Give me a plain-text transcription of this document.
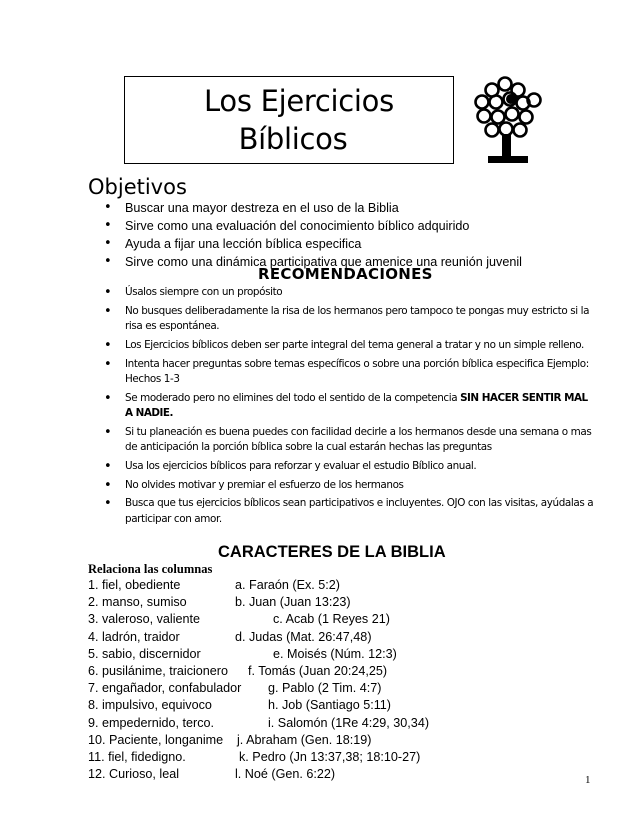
Los Ejercicios
Bíblicos
Objetivos
• Buscar una mayor destreza en el uso de la Biblia
• Sirve como una evaluación del conocimiento bíblico adquirido
• Ayuda a fijar una lección bíblica especifica
• Sirve como una dinámica participativa que amenice una reunión juvenil
RECOMENDACIONES
• Úsalos siempre con un propósito
• No busques deliberadamente la risa de los hermanos pero tampoco te pongas muy estricto si la risa es espontánea.
• Los Ejercicios bíblicos deben ser parte integral del tema general a tratar y no un simple relleno.
• Intenta hacer preguntas sobre temas específicos o sobre una porción bíblica especifica Ejemplo: Hechos 1-3
• Se moderado pero no elimines del todo el sentido de la competencia SIN HACER SENTIR MAL A NADIE.
• Si tu planeación es buena puedes con facilidad decirle a los hermanos desde una semana o mas de anticipación la porción bíblica sobre la cual estarán hechas las preguntas
• Usa los ejercicios bíblicos para reforzar y evaluar el estudio Bíblico anual.
• No olvides motivar y premiar el esfuerzo de los hermanos
• Busca que tus ejercicios bíblicos sean participativos e incluyentes. OJO con las visitas, ayúdalas a participar con amor.
CARACTERES DE LA BIBLIA
Relaciona las columnas
1. fiel, obediente	a. Faraón (Ex. 5:2)
2. manso, sumiso	b. Juan (Juan 13:23)
3. valeroso, valiente	c. Acab (1 Reyes 21)
4. ladrón, traidor	d. Judas (Mat. 26:47,48)
5. sabio, discernidor	e. Moisés (Núm. 12:3)
6. pusilánime, traicionero f. Tomás (Juan 20:24,25)
7. engañador, confabulador g. Pablo (2 Tim. 4:7)
8. impulsivo, equivoco	h. Job (Santiago 5:11)
9. empedernido, terco.	i. Salomón (1Re 4:29, 30,34)
10. Paciente, longanime j. Abraham (Gen. 18:19)
11. fiel, fidedigno.	k. Pedro (Jn 13:37,38; 18:10-27)
12. Curioso, leal	l. Noé (Gen. 6:22)	1
